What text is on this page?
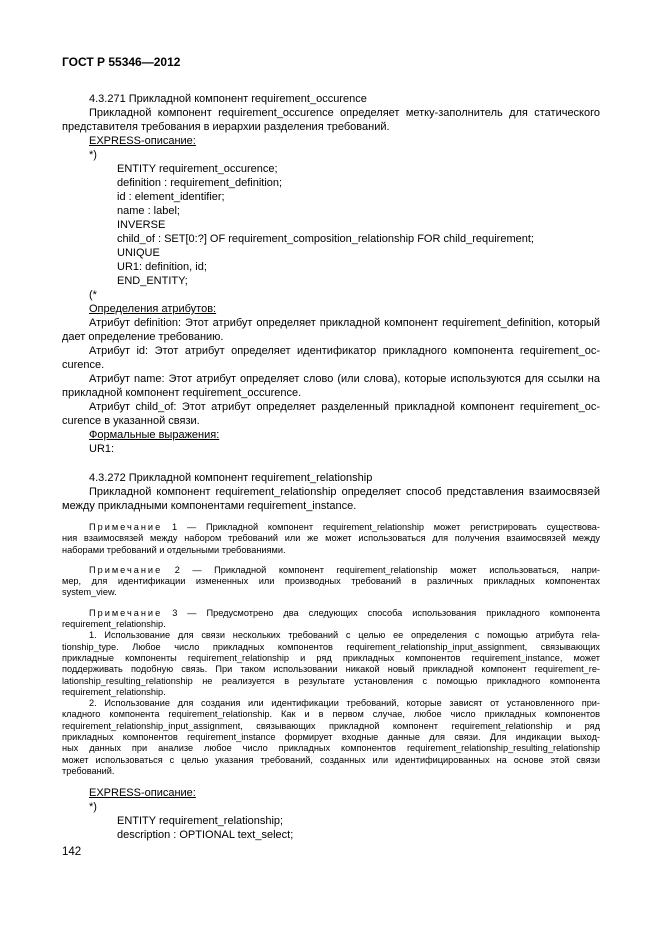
ГОСТ Р 55346—2012
4.3.271 Прикладной компонент requirement_occurence
Прикладной компонент requirement_occurence определяет метку-заполнитель для статического
представителя требования в иерархии разделения требований.
EXPRESS-описание:
*)
ENTITY requirement_occurence;
definition : requirement_definition;
id : element_identifier;
name : label;
INVERSE
child_of : SET[0:?] OF requirement_composition_relationship FOR child_requirement;
UNIQUE
UR1: definition, id;
END_ENTITY;
(*
Определения атрибутов:
Атрибут definition: Этот атрибут определяет прикладной компонент requirement_definition, который
дает определение требованию.
Атрибут id: Этот атрибут определяет идентификатор прикладного компонента requirement_oc-
curence.
Атрибут name: Этот атрибут определяет слово (или слова), которые используются для ссылки на
прикладной компонент requirement_occurence.
Атрибут child_of: Этот атрибут определяет разделенный прикладной компонент requirement_oc-
curence в указанной связи.
Формальные выражения:
UR1:
4.3.272 Прикладной компонент requirement_relationship
Прикладной компонент requirement_relationship определяет способ представления взаимосвязей
между прикладными компонентами requirement_instance.
Примечание 1 — Прикладной компонент requirement_relationship может регистрировать существова-
ния взаимосвязей между набором требований или же может использоваться для получения взаимосвязей между
наборами требований и отдельными требованиями.
Примечание 2 — Прикладной компонент requirement_relationship может использоваться, напри-
мер, для идентификации измененных или производных требований в различных прикладных компонентах
system_view.
Примечание 3 — Предусмотрено два следующих способа использования прикладного компонента
requirement_relationship.
1. Использование для связи нескольких требований с целью ее определения с помощью атрибута rela-
tionship_type. Любое число прикладных компонентов requirement_relationship_input_assignment, связывающих
прикладные компоненты requirement_relationship и ряд прикладных компонентов requirement_instance, может
поддерживать подобную связь. При таком использовании никакой новый прикладной компонент requirement_re-
lationship_resulting_relationship не реализуется в результате установления с помощью прикладного компонента
requirement_relationship.
2. Использование для создания или идентификации требований, которые зависят от установленного при-
кладного компонента requirement_relationship. Как и в первом случае, любое число прикладных компонентов
requirement_relationship_input_assignment, связывающих прикладной компонент requirement_relationship и ряд
прикладных компонентов requirement_instance формирует входные данные для связи. Для индикации выход-
ных данных при анализе любое число прикладных компонентов requirement_relationship_resulting_relationship
может использоваться с целью указания требований, созданных или идентифицированных на основе этой связи
требований.
EXPRESS-описание:
*)
ENTITY requirement_relationship;
description : OPTIONAL text_select;
142
